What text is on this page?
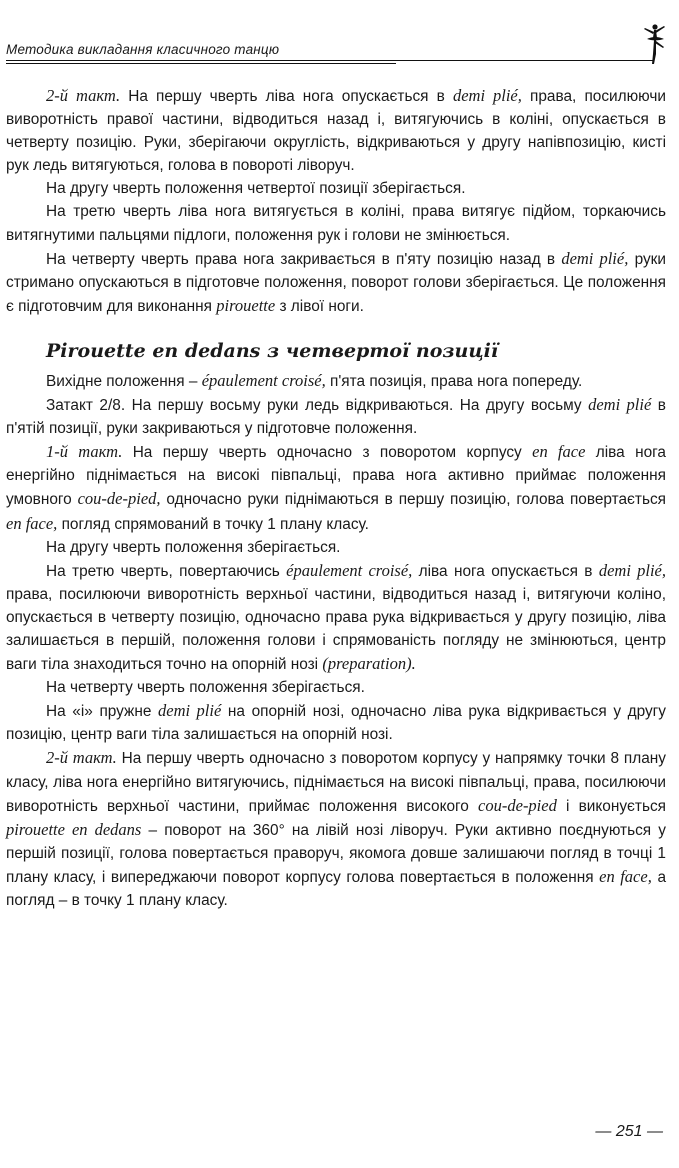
Методика викладання класичного танцю

2-й такт. На першу чверть ліва нога опускається в demi plié, права, посилюючи виворотність правої частини, відводиться назад і, витягуючись в коліні, опускається в четверту позицію. Руки, зберігаючи округлість, відкриваються у другу напівпозицію, кисті рук ледь витягуються, голова в повороті ліворуч.

На другу чверть положення четвертої позиції зберігається.

На третю чверть ліва нога витягується в коліні, права витягує підйом, торкаючись витягнутими пальцями підлоги, положення рук і голови не змінюється.

На четверту чверть права нога закривається в п'яту позицію назад в demi plié, руки стримано опускаються в підготовче положення, поворот голови зберігається. Це положення є підготовчим для виконання pirouette з лівої ноги.

Pirouette en dedans з четвертої позиції

Вихідне положення – épaulement croisé, п'ята позиція, права нога попереду.

Затакт 2/8. На першу восьму руки ледь відкриваються. На другу восьму demi plié в п'ятій позиції, руки закриваються у підготовче положення.

1-й такт. На першу чверть одночасно з поворотом корпусу en face ліва нога енергійно піднімається на високі півпальці, права нога активно приймає положення умовного cou-de-pied, одночасно руки піднімаються в першу позицію, голова повертається en face, погляд спрямований в точку 1 плану класу.

На другу чверть положення зберігається.

На третю чверть, повертаючись épaulement croisé, ліва нога опускається в demi plié, права, посилюючи виворотність верхньої частини, відводиться назад і, витягуючи коліно, опускається в четверту позицію, одночасно права рука відкривається у другу позицію, ліва залишається в першій, положення голови і спрямованість погляду не змінюються, центр ваги тіла знаходиться точно на опорній нозі (preparation).

На четверту чверть положення зберігається.

На «і» пружне demi plié на опорній нозі, одночасно ліва рука відкривається у другу позицію, центр ваги тіла залишається на опорній нозі.

2-й такт. На першу чверть одночасно з поворотом корпусу у напрямку точки 8 плану класу, ліва нога енергійно витягуючись, піднімається на високі півпальці, права, посилюючи виворотність верхньої частини, приймає положення високого cou-de-pied і виконується pirouette en dedans – поворот на 360° на лівій нозі ліворуч. Руки активно поєднуються у першій позиції, голова повертається праворуч, якомога довше залишаючи погляд в точці 1 плану класу, і випереджаючи поворот корпусу голова повертається в положення en face, а погляд – в точку 1 плану класу.

— 251 —
